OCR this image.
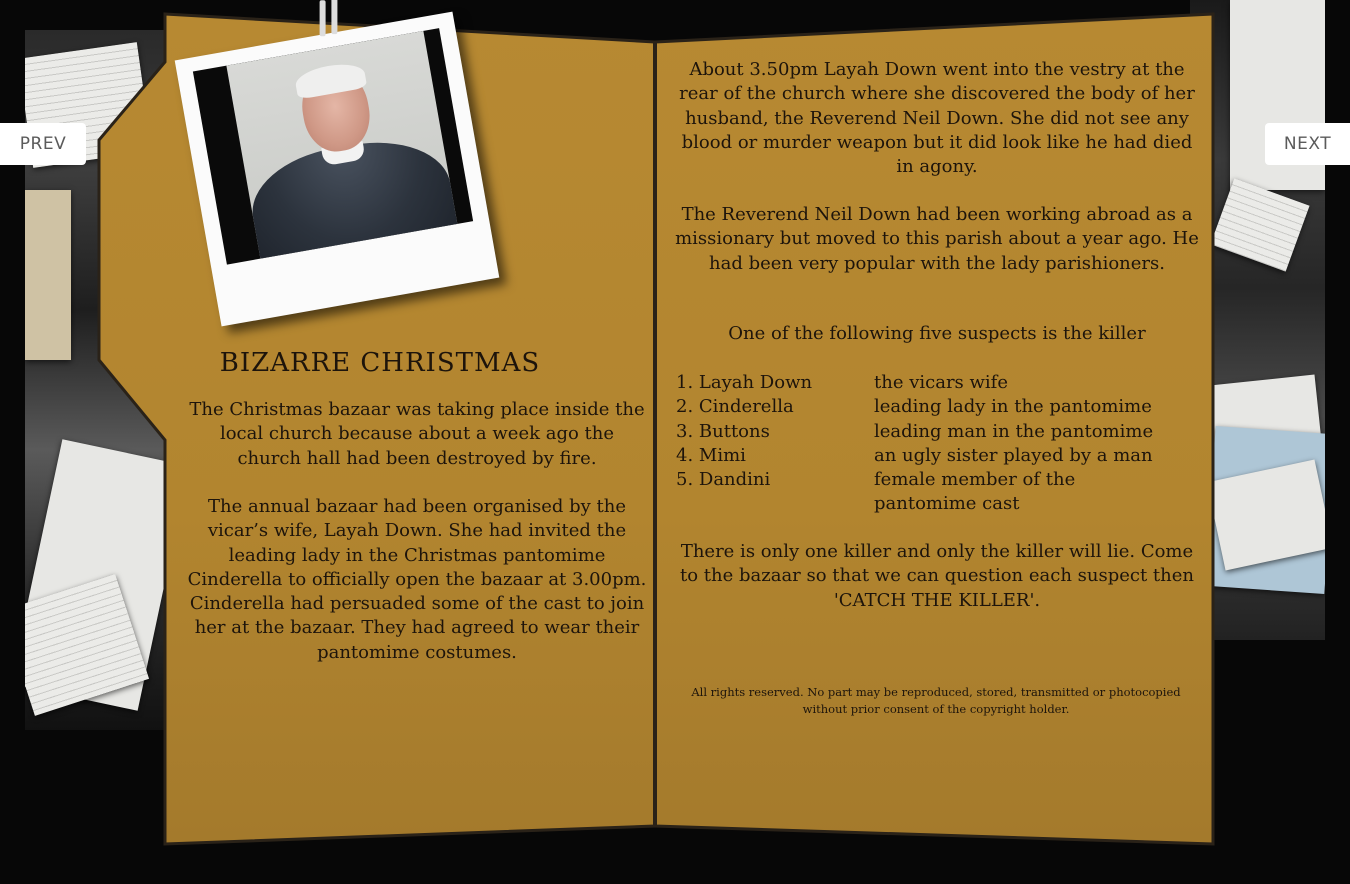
BIZARRE CHRISTMAS
The Christmas bazaar was taking place inside the local church because about a week ago the church hall had been destroyed by fire.
The annual bazaar had been organised by the vicar’s wife, Layah Down. She had invited the leading lady in the Christmas pantomime Cinderella to officially open the bazaar at 3.00pm. Cinderella had persuaded some of the cast to join her at the bazaar. They had agreed to wear their pantomime costumes.
About 3.50pm Layah Down went into the vestry at the rear of the church where she discovered the body of her husband, the Reverend Neil Down. She did not see any blood or murder weapon but it did look like he had died in agony.
The Reverend Neil Down had been working abroad as a missionary but moved to this parish about a year ago. He had been very popular with the lady parishioners.
One of the following five suspects is the killer
1. Layah Down	the vicars wife
2. Cinderella	leading lady in the pantomime
3. Buttons	leading man in the pantomime
4. Mimi	an ugly sister played by a man
5. Dandini	female member of the pantomime cast
There is only one killer and only the killer will lie. Come to the bazaar so that we can question each suspect then
'CATCH THE KILLER'.
All rights reserved. No part may be reproduced, stored, transmitted or photocopied without prior consent of the copyright holder.
PREV	NEXT
